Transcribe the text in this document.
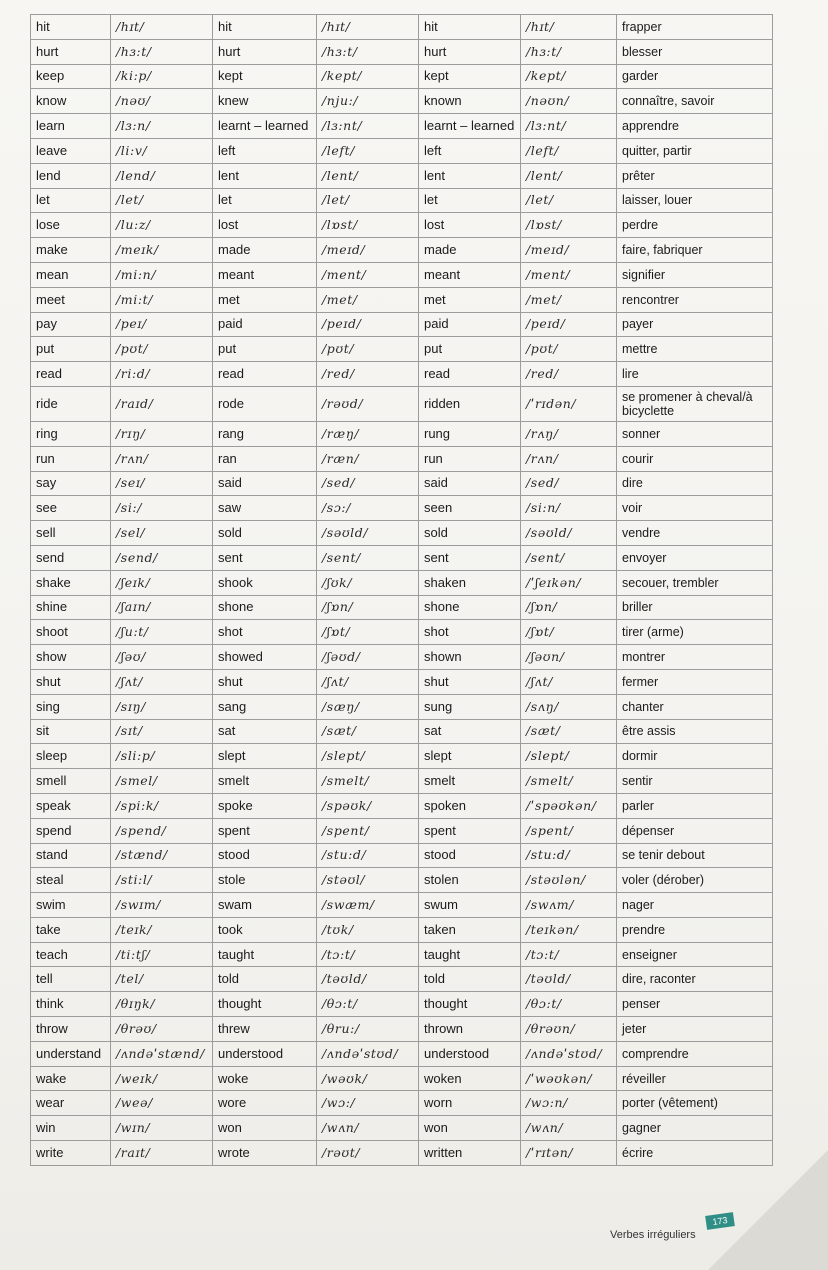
hit	/hɪt/	hit	/hɪt/	hit	/hɪt/	frapper
hurt	/hɜ:t/	hurt	/hɜ:t/	hurt	/hɜ:t/	blesser
keep	/ki:p/	kept	/kept/	kept	/kept/	garder
know	/nəʊ/	knew	/nju:/	known	/nəʊn/	connaître, savoir
learn	/lɜ:n/	learnt – learned	/lɜ:nt/	learnt – learned	/lɜ:nt/	apprendre
leave	/li:v/	left	/left/	left	/left/	quitter, partir
lend	/lend/	lent	/lent/	lent	/lent/	prêter
let	/let/	let	/let/	let	/let/	laisser, louer
lose	/lu:z/	lost	/lɒst/	lost	/lɒst/	perdre
make	/meɪk/	made	/meɪd/	made	/meɪd/	faire, fabriquer
mean	/mi:n/	meant	/ment/	meant	/ment/	signifier
meet	/mi:t/	met	/met/	met	/met/	rencontrer
pay	/peɪ/	paid	/peɪd/	paid	/peɪd/	payer
put	/pʊt/	put	/pʊt/	put	/pʊt/	mettre
read	/ri:d/	read	/red/	read	/red/	lire
ride	/raɪd/	rode	/rəʊd/	ridden	/ˈrɪdən/	se promener à cheval/à bicyclette
ring	/rɪŋ/	rang	/ræŋ/	rung	/rʌŋ/	sonner
run	/rʌn/	ran	/ræn/	run	/rʌn/	courir
say	/seɪ/	said	/sed/	said	/sed/	dire
see	/si:/	saw	/sɔ:/	seen	/si:n/	voir
sell	/sel/	sold	/səʊld/	sold	/səʊld/	vendre
send	/send/	sent	/sent/	sent	/sent/	envoyer
shake	/ʃeɪk/	shook	/ʃʊk/	shaken	/ˈʃeɪkən/	secouer, trembler
shine	/ʃaɪn/	shone	/ʃɒn/	shone	/ʃɒn/	briller
shoot	/ʃu:t/	shot	/ʃɒt/	shot	/ʃɒt/	tirer (arme)
show	/ʃəʊ/	showed	/ʃəʊd/	shown	/ʃəʊn/	montrer
shut	/ʃʌt/	shut	/ʃʌt/	shut	/ʃʌt/	fermer
sing	/sɪŋ/	sang	/sæŋ/	sung	/sʌŋ/	chanter
sit	/sɪt/	sat	/sæt/	sat	/sæt/	être assis
sleep	/sli:p/	slept	/slept/	slept	/slept/	dormir
smell	/smel/	smelt	/smelt/	smelt	/smelt/	sentir
speak	/spi:k/	spoke	/spəʊk/	spoken	/ˈspəʊkən/	parler
spend	/spend/	spent	/spent/	spent	/spent/	dépenser
stand	/stænd/	stood	/stu:d/	stood	/stu:d/	se tenir debout
steal	/sti:l/	stole	/stəʊl/	stolen	/stəʊlən/	voler (dérober)
swim	/swɪm/	swam	/swæm/	swum	/swʌm/	nager
take	/teɪk/	took	/tʊk/	taken	/teɪkən/	prendre
teach	/ti:tʃ/	taught	/tɔ:t/	taught	/tɔ:t/	enseigner
tell	/tel/	told	/təʊld/	told	/təʊld/	dire, raconter
think	/θɪŋk/	thought	/θɔ:t/	thought	/θɔ:t/	penser
throw	/θrəʊ/	threw	/θru:/	thrown	/θrəʊn/	jeter
understand	/ʌndəˈstænd/	understood	/ʌndəˈstʊd/	understood	/ʌndəˈstʊd/	comprendre
wake	/weɪk/	woke	/wəʊk/	woken	/ˈwəʊkən/	réveiller
wear	/weə/	wore	/wɔ:/	worn	/wɔ:n/	porter (vêtement)
win	/wɪn/	won	/wʌn/	won	/wʌn/	gagner
write	/raɪt/	wrote	/rəʊt/	written	/ˈrɪtən/	écrire
Verbes irréguliers
173
